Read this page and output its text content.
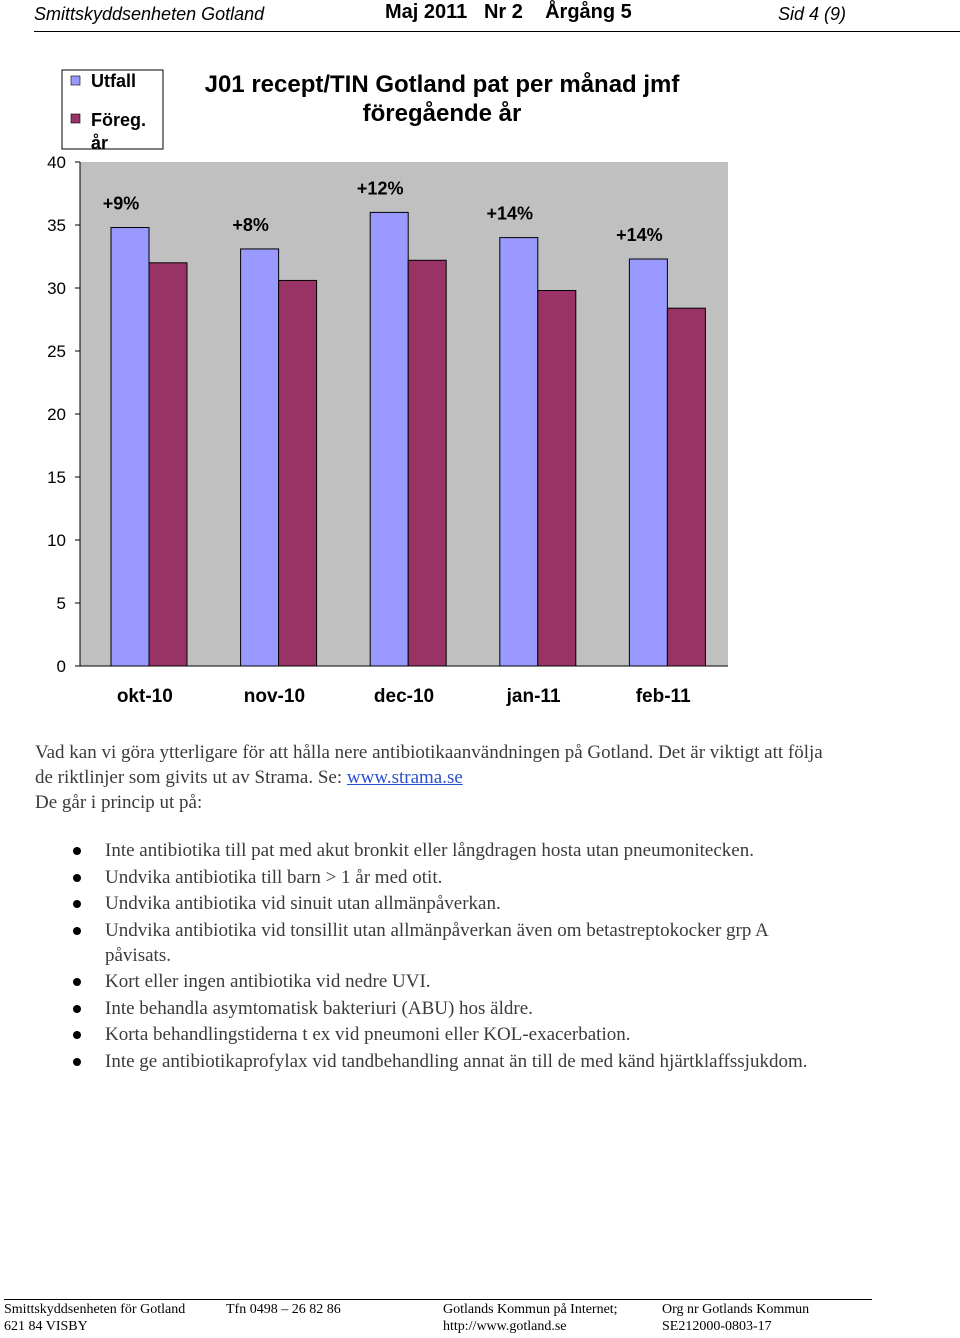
Smittskyddsenheten Gotland	Maj 2011   Nr 2    Årgång 5	Sid 4 (9)
0
5
10
15
20
25
30
35
40
+9%
+8%
+12%
+14%
+14%
okt-10	nov-10	dec-10	jan-11	feb-11
J01 recept/TIN Gotland pat per månad jmf
föregående år
Utfall
Föreg. år

Vad kan vi göra ytterligare för att hålla nere antibiotikaanvändningen på Gotland. Det är viktigt att följa de riktlinjer som givits ut av Strama. Se: www.strama.se

De går i princip ut på:

Inte antibiotika till pat med akut bronkit eller långdragen hosta utan pneumonitecken.
Undvika antibiotika till barn > 1 år med otit.
Undvika antibiotika vid sinuit utan allmänpåverkan.
Undvika antibiotika vid tonsillit utan allmänpåverkan även om betastreptokocker grp A påvisats.
Kort eller ingen antibiotika vid nedre UVI.
Inte behandla asymtomatisk bakteriuri (ABU) hos äldre.
Korta behandlingstiderna t ex vid pneumoni eller KOL-exacerbation.
Inte ge antibiotikaprofylax vid tandbehandling annat än till de med känd hjärtklaffssjukdom.
Smittskyddsenheten för Gotland
621 84 VISBY
Tfn 0498 – 26 82 86	Gotlands Kommun på Internet;
http://www.gotland.se
Org nr Gotlands Kommun
SE212000-0803-17
